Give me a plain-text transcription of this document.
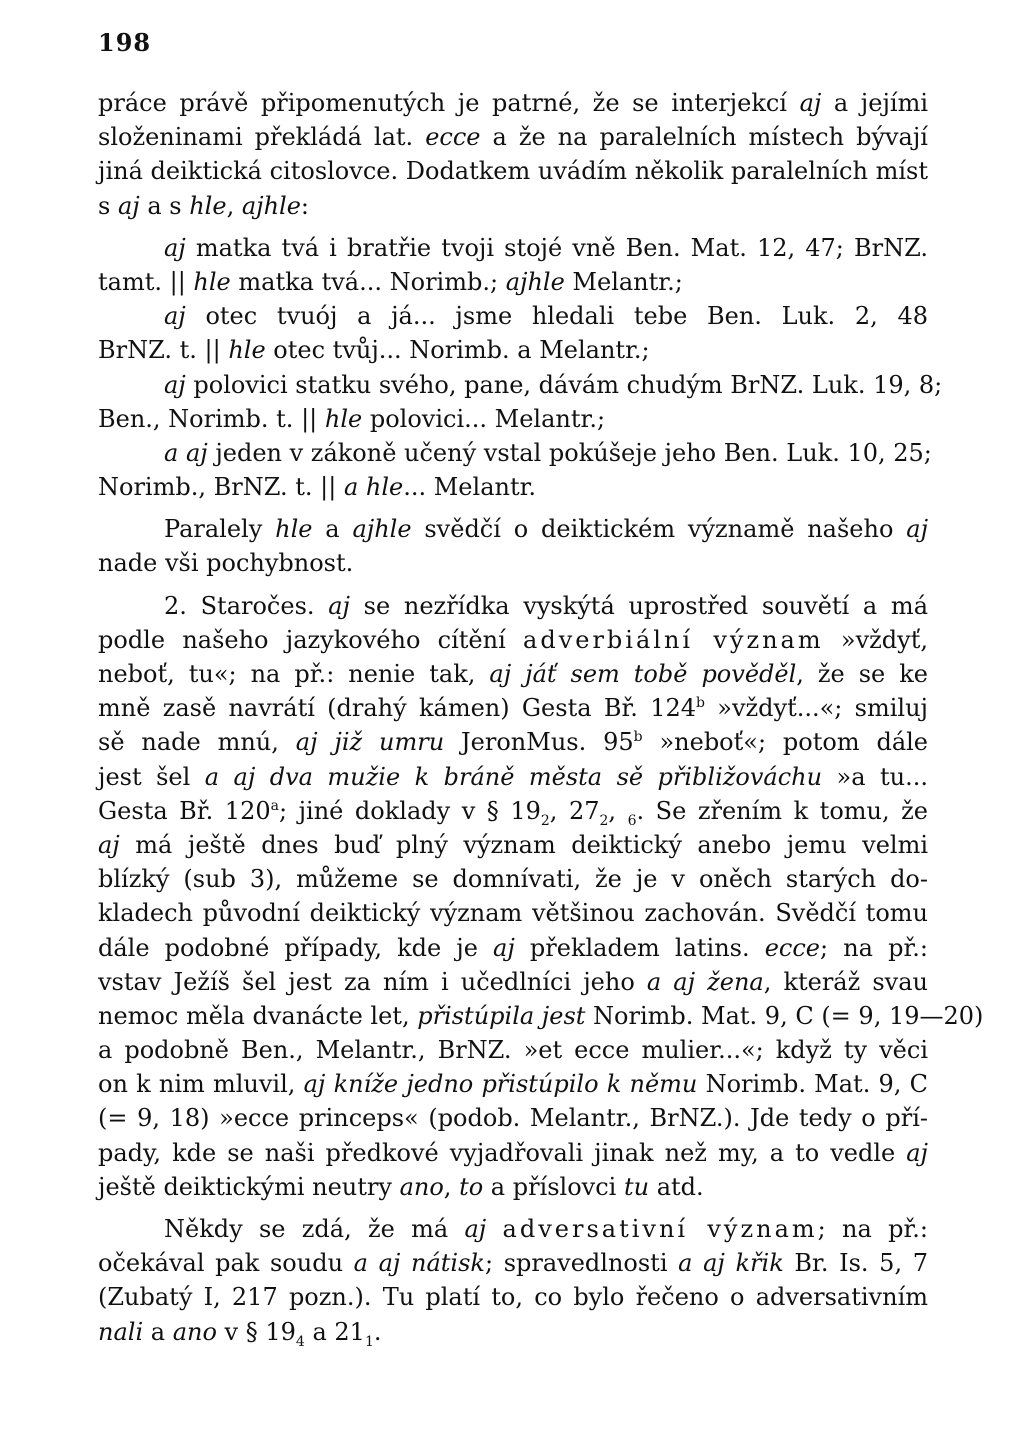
198
práce právě připomenutých je patrné, že se interjekcí aj a jejími
složeninami překládá lat. ecce a že na paralelních místech bývají
jiná deiktická citoslovce. Dodatkem uvádím několik paralelních míst
s aj a s hle, ajhle:
aj matka tvá i bratřie tvoji stojé vně Ben. Mat. 12, 47; BrNZ.
tamt. || hle matka tvá... Norimb.; ajhle Melantr.;
aj otec tvuój a já... jsme hledali tebe Ben. Luk. 2, 48
BrNZ. t. || hle otec tvůj... Norimb. a Melantr.;
aj polovici statku svého, pane, dávám chudým BrNZ. Luk. 19, 8;
Ben., Norimb. t. || hle polovici... Melantr.;
a aj jeden v zákoně učený vstal pokúšeje jeho Ben. Luk. 10, 25;
Norimb., BrNZ. t. || a hle... Melantr.
Paralely hle a ajhle svědčí o deiktickém významě našeho aj
nade vši pochybnost.
2. Staročes. aj se nezřídka vyskýtá uprostřed souvětí a má
podle našeho jazykového cítění adverbiální význam »vždyť,
neboť, tu«; na př.: nenie tak, aj jáť sem tobě pověděl, že se ke
mně zasě navrátí (drahý kámen) Gesta Bř. 124$^b$ »vždyť...«; smiluj
sě nade mnú, aj již umru JeronMus. 95$^b$ »neboť«; potom dále
jest šel a aj dva mužie k bráně města sě přibližováchu »a tu...
Gesta Bř. 120$^a$; jiné doklady v § $19_2$, $27_2$, $_6$. Se zřením k tomu, že
aj má ještě dnes buď plný význam deiktický anebo jemu velmi
blízký (sub 3), můžeme se domnívati, že je v oněch starých do-
kladech původní deiktický význam většinou zachován. Svědčí tomu
dále podobné případy, kde je aj překladem latins. ecce; na př.:
vstav Ježíš šel jest za ním i učedlníci jeho a aj žena, kteráž svau
nemoc měla dvanácte let, přistúpila jest Norimb. Mat. 9, C (= 9, 19—20)
a podobně Ben., Melantr., BrNZ. »et ecce mulier...«; když ty věci
on k nim mluvil, aj kníže jedno přistúpilo k němu Norimb. Mat. 9, C
(= 9, 18) »ecce princeps« (podob. Melantr., BrNZ.). Jde tedy o pří-
pady, kde se naši předkové vyjadřovali jinak než my, a to vedle aj
ještě deiktickými neutry ano, to a příslovci tu atd.
Někdy se zdá, že má aj adversativní význam; na př.:
očekával pak soudu a aj nátisk; spravedlnosti a aj křik Br. Is. 5, 7
(Zubatý I, 217 pozn.). Tu platí to, co bylo řečeno o adversativním
nali a ano v § $19_4$ a $21_1$.
